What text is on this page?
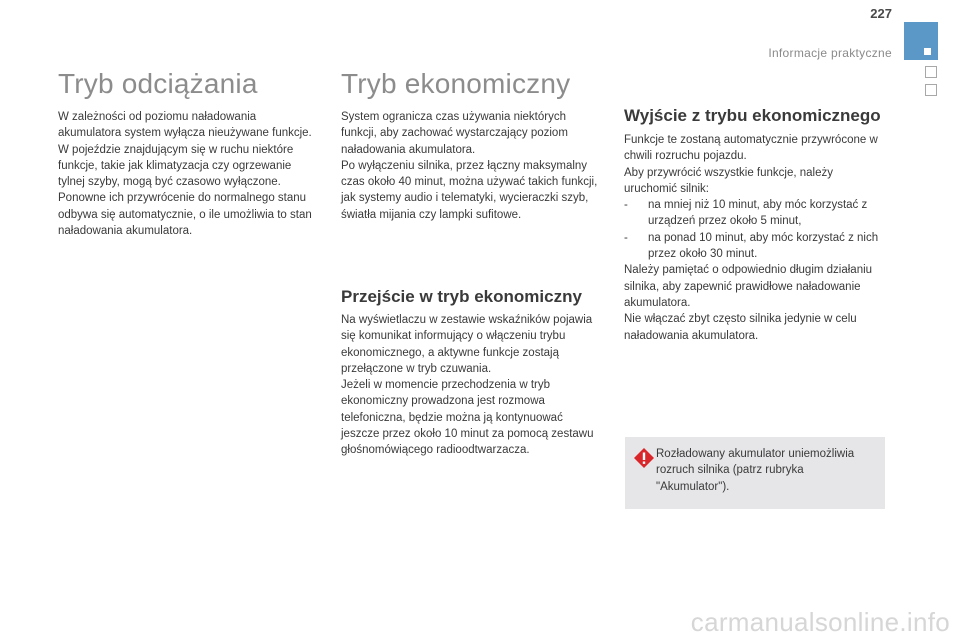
227
Informacje praktyczne
Tryb odciążania

W zależności od poziomu naładowania akumulatora system wyłącza nieużywane funkcje.

W pojeździe znajdującym się w ruchu niektóre funkcje, takie jak klimatyzacja czy ogrzewanie tylnej szyby, mogą być czasowo wyłączone.

Ponowne ich przywrócenie do normalnego stanu odbywa się automatycznie, o ile umożliwia to stan naładowania akumulatora.

Tryb ekonomiczny

System ogranicza czas używania niektórych funkcji, aby zachować wystarczający poziom naładowania akumulatora.

Po wyłączeniu silnika, przez łączny maksymalny czas około 40 minut, można używać takich funkcji, jak systemy audio i telematyki, wycieraczki szyb, światła mijania czy lampki sufitowe.

Przejście w tryb ekonomiczny

Na wyświetlaczu w zestawie wskaźników pojawia się komunikat informujący o włączeniu trybu ekonomicznego, a aktywne funkcje zostają przełączone w tryb czuwania.

Jeżeli w momencie przechodzenia w tryb ekonomiczny prowadzona jest rozmowa telefoniczna, będzie można ją kontynuować jeszcze przez około 10 minut za pomocą zestawu głośnomówiącego radioodtwarzacza.

Wyjście z trybu ekonomicznego

Funkcje te zostaną automatycznie przywrócone w chwili rozruchu pojazdu.

Aby przywrócić wszystkie funkcje, należy uruchomić silnik:

-	na mniej niż 10 minut, aby móc korzystać z urządzeń przez około 5 minut,
-	na ponad 10 minut, aby móc korzystać z nich przez około 30 minut.

Należy pamiętać o odpowiednio długim działaniu silnika, aby zapewnić prawidłowe naładowanie akumulatora.

Nie włączać zbyt często silnika jedynie w celu naładowania akumulatora.

Rozładowany akumulator uniemożliwia rozruch silnika (patrz rubryka "Akumulator").

carmanualsonline.info
